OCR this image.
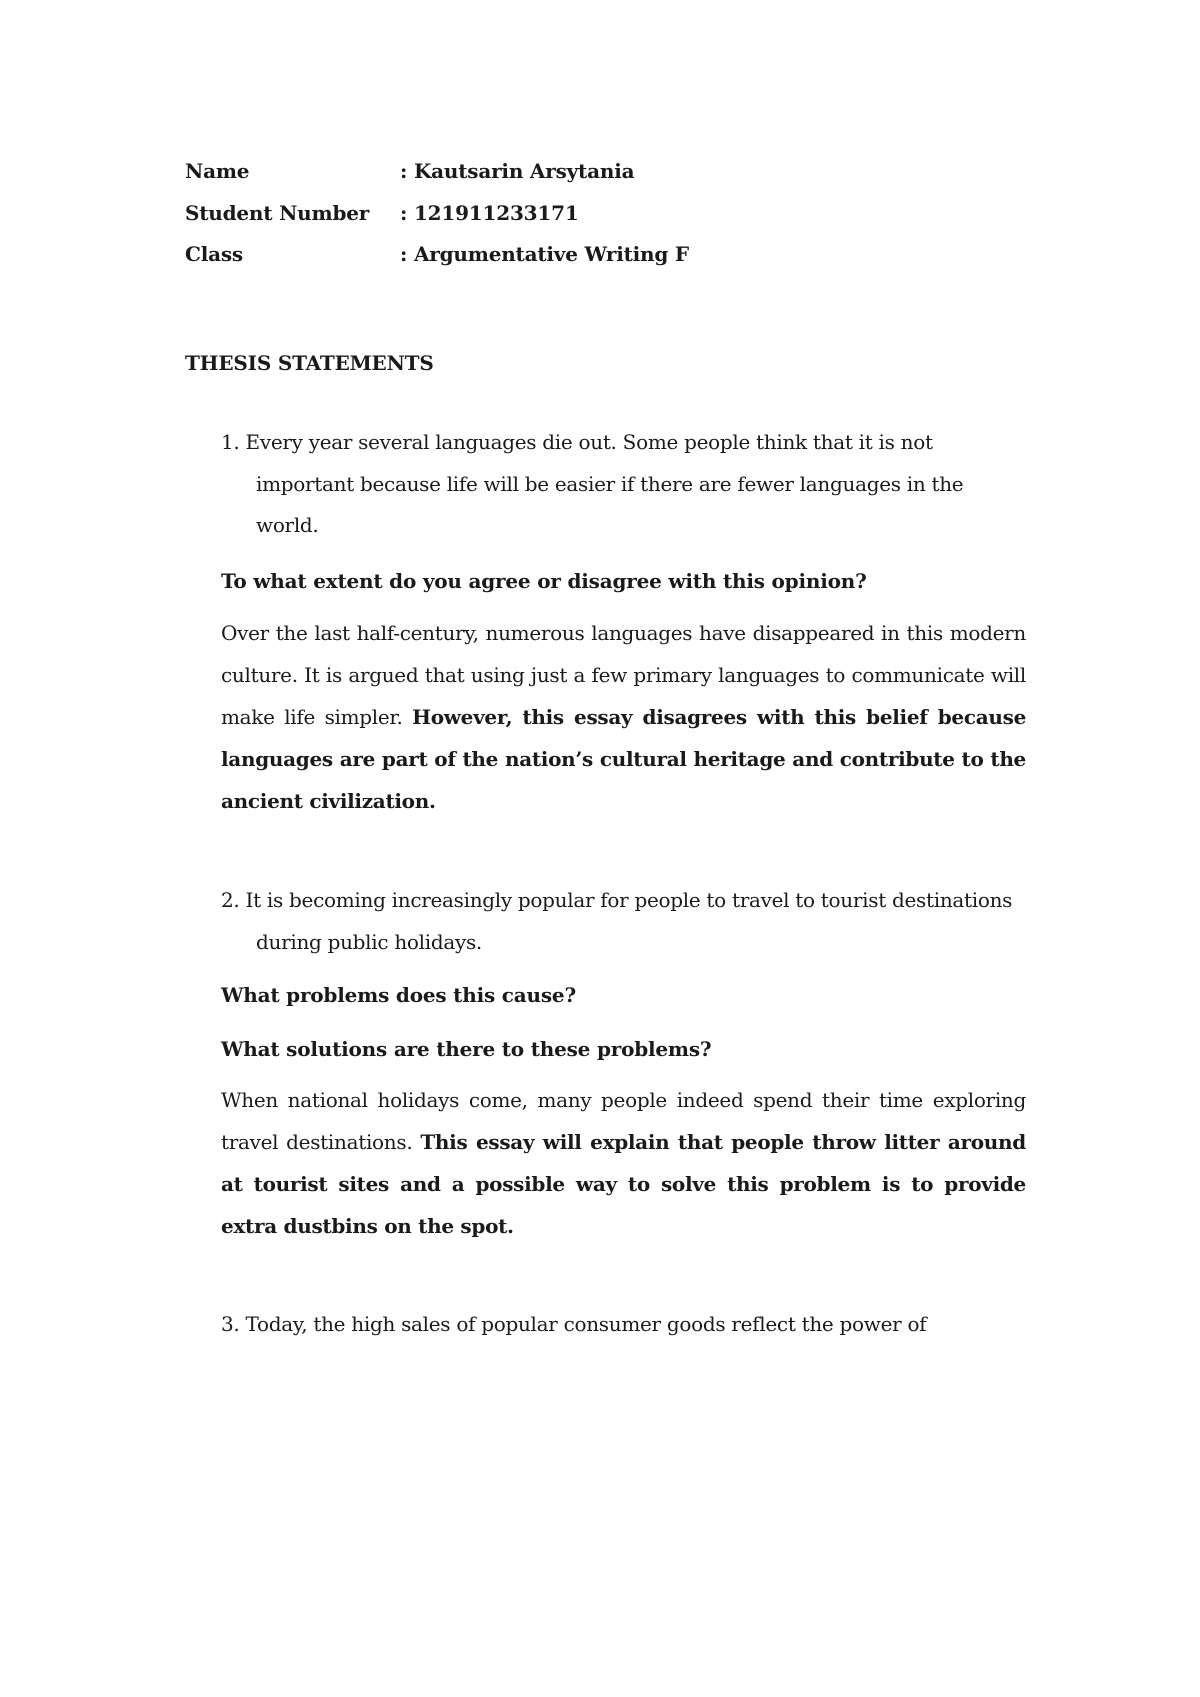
Name	: Kautsarin Arsytania
Student Number : 121911233171
Class	: Argumentative Writing F
THESIS STATEMENTS
1. Every year several languages die out. Some people think that it is not
important because life will be easier if there are fewer languages in the
world.
To what extent do you agree or disagree with this opinion?
Over the last half-century, numerous languages have disappeared in this modern culture. It is argued that using just a few primary languages to communicate will make life simpler. However, this essay disagrees with this belief because languages are part of the nation’s cultural heritage and contribute to the ancient civilization.
2. It is becoming increasingly popular for people to travel to tourist destinations
during public holidays.
What problems does this cause?
What solutions are there to these problems?
When national holidays come, many people indeed spend their time exploring travel destinations. This essay will explain that people throw litter around at tourist sites and a possible way to solve this problem is to provide extra dustbins on the spot.
3. Today, the high sales of popular consumer goods reflect the power of
